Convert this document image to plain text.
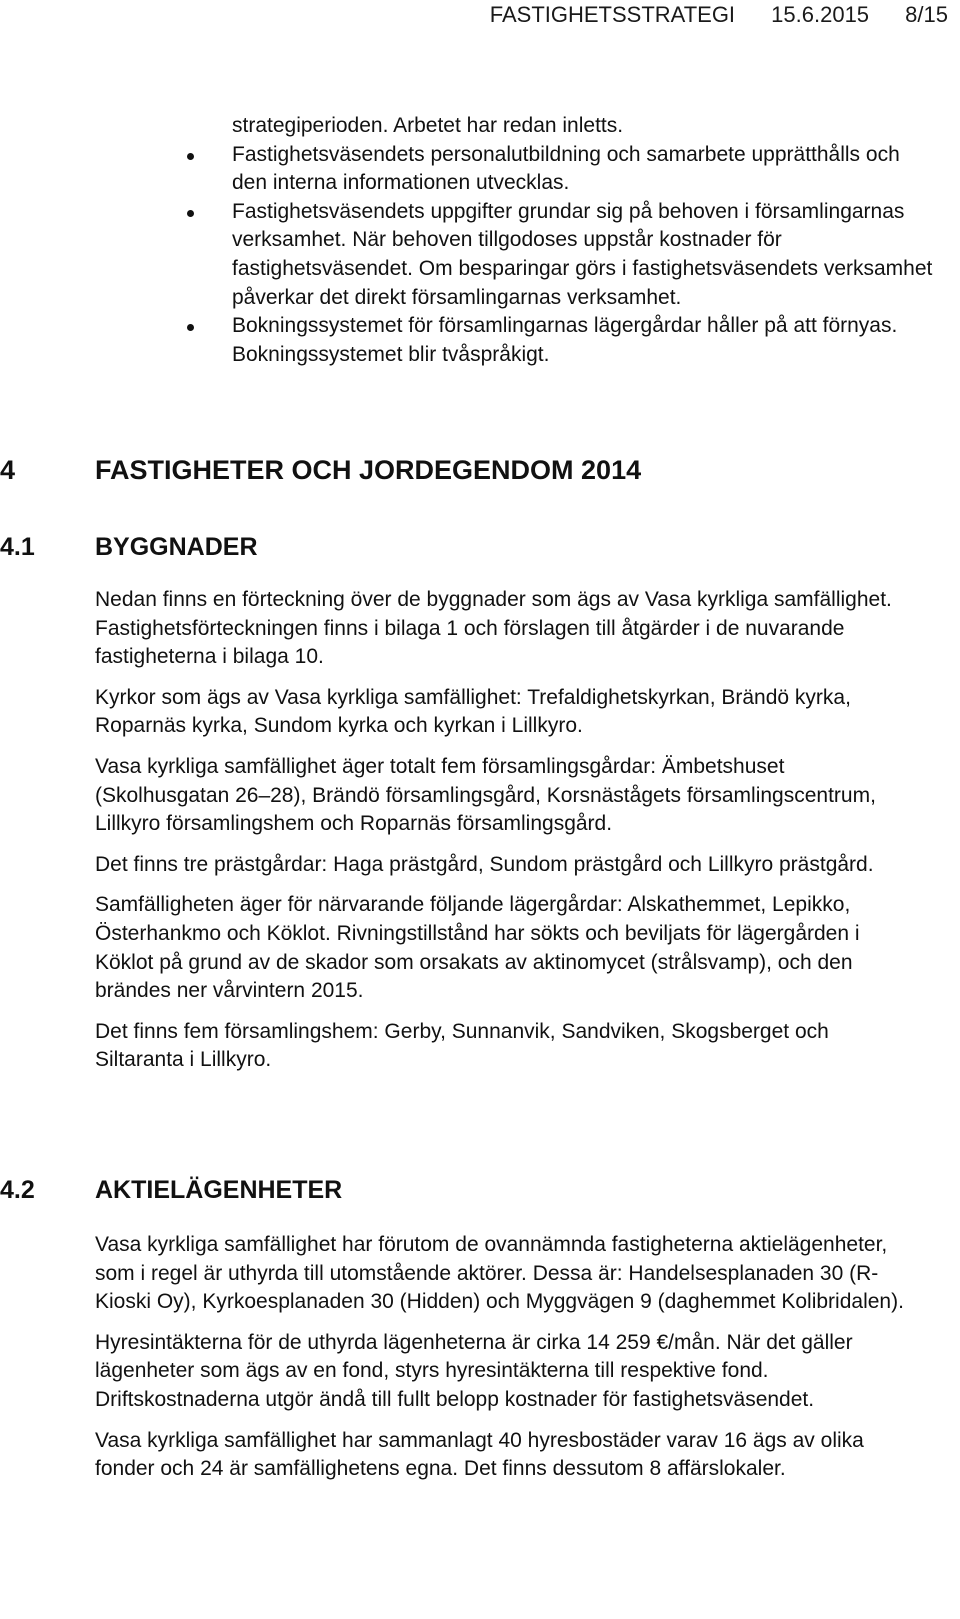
FASTIGHETSSTRATEGI 15.6.2015 8/15
strategiperioden. Arbetet har redan inletts.
Fastighetsväsendets personalutbildning och samarbete upprätthålls och den interna informationen utvecklas.
Fastighetsväsendets uppgifter grundar sig på behoven i församlingarnas verksamhet. När behoven tillgodoses uppstår kostnader för fastighetsväsendet. Om besparingar görs i fastighetsväsendets verksamhet påverkar det direkt församlingarnas verksamhet.
Bokningssystemet för församlingarnas lägergårdar håller på att förnyas. Bokningssystemet blir tvåspråkigt.
4	FASTIGHETER OCH JORDEGENDOM 2014
4.1 BYGGNADER

Nedan finns en förteckning över de byggnader som ägs av Vasa kyrkliga samfällighet. Fastighetsförteckningen finns i bilaga 1 och förslagen till åtgärder i de nuvarande fastigheterna i bilaga 10.

Kyrkor som ägs av Vasa kyrkliga samfällighet: Trefaldighetskyrkan, Brändö kyrka, Roparnäs kyrka, Sundom kyrka och kyrkan i Lillkyro.

Vasa kyrkliga samfällighet äger totalt fem församlingsgårdar: Ämbetshuset (Skolhusgatan 26–28), Brändö församlingsgård, Korsnästågets församlingscentrum, Lillkyro församlingshem och Roparnäs församlingsgård.

Det finns tre prästgårdar: Haga prästgård, Sundom prästgård och Lillkyro prästgård.

Samfälligheten äger för närvarande följande lägergårdar: Alskathemmet, Lepikko, Österhankmo och Köklot. Rivningstillstånd har sökts och beviljats för lägergården i Köklot på grund av de skador som orsakats av aktinomycet (strålsvamp), och den brändes ner vårvintern 2015.

Det finns fem församlingshem: Gerby, Sunnanvik, Sandviken, Skogsberget och Siltaranta i Lillkyro.

4.2 AKTIELÄGENHETER

Vasa kyrkliga samfällighet har förutom de ovannämnda fastigheterna aktielägenheter, som i regel är uthyrda till utomstående aktörer. Dessa är: Handelsesplanaden 30 (R-Kioski Oy), Kyrkoesplanaden 30 (Hidden) och Myggvägen 9 (daghemmet Kolibridalen).

Hyresintäkterna för de uthyrda lägenheterna är cirka 14 259 €/mån. När det gäller lägenheter som ägs av en fond, styrs hyresintäkterna till respektive fond. Driftskostnaderna utgör ändå till fullt belopp kostnader för fastighetsväsendet.

Vasa kyrkliga samfällighet har sammanlagt 40 hyresbostäder varav 16 ägs av olika fonder och 24 är samfällighetens egna. Det finns dessutom 8 affärslokaler.
